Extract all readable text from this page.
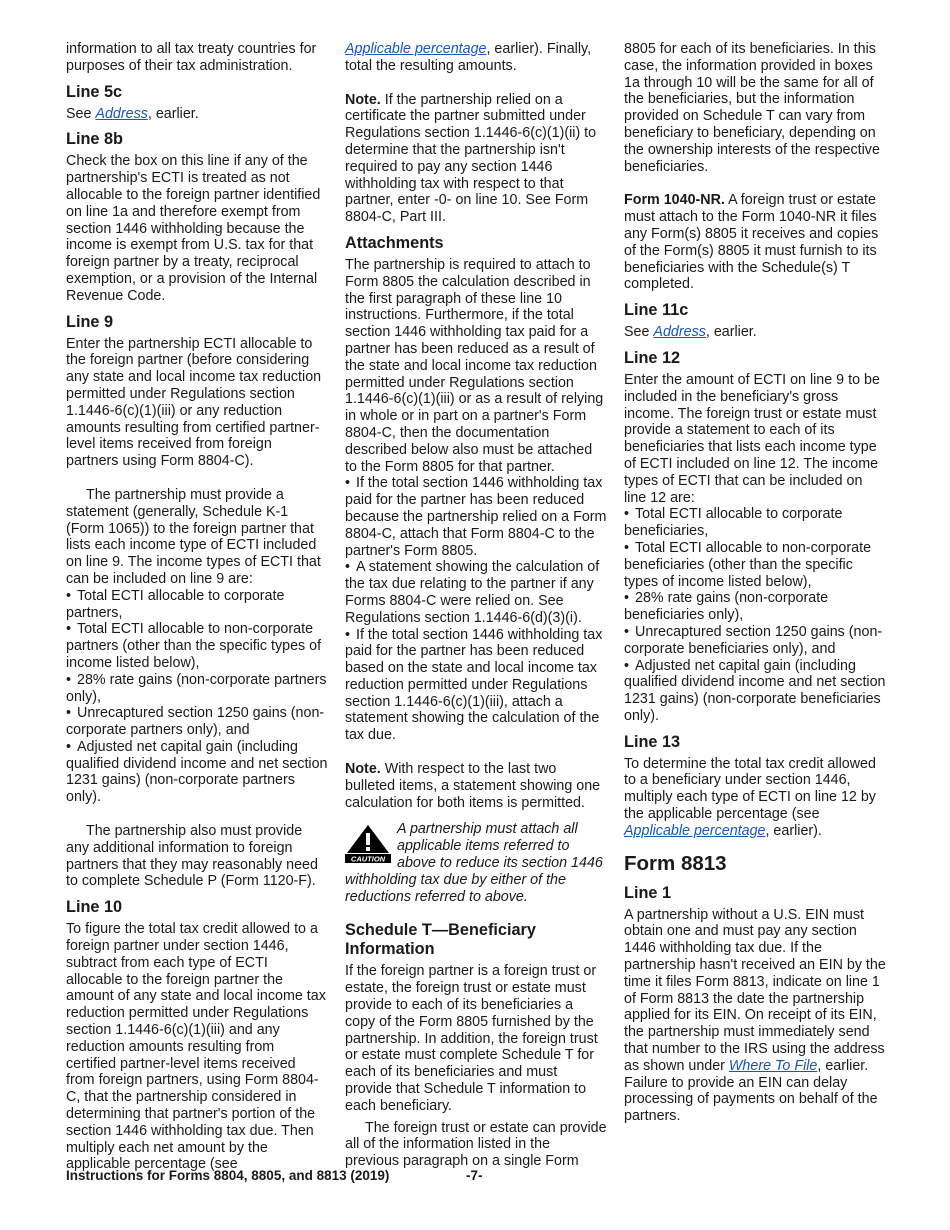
information to all tax treaty countries for purposes of their tax administration.

Line 5c

See Address, earlier.

Line 8b

Check the box on this line if any of the partnership's ECTI is treated as not allocable to the foreign partner identified on line 1a and therefore exempt from section 1446 withholding because the income is exempt from U.S. tax for that foreign partner by a treaty, reciprocal exemption, or a provision of the Internal Revenue Code.

Line 9

Enter the partnership ECTI allocable to the foreign partner (before considering any state and local income tax reduction permitted under Regulations section 1.1446-6(c)(1)(iii) or any reduction amounts resulting from certified partner-level items received from foreign partners using Form 8804-C).

The partnership must provide a statement (generally, Schedule K-1 (Form 1065)) to the foreign partner that lists each income type of ECTI included on line 9. The income types of ECTI that can be included on line 9 are:

• Total ECTI allocable to corporate partners,

• Total ECTI allocable to non-corporate partners (other than the specific types of income listed below),

• 28% rate gains (non-corporate partners only),

• Unrecaptured section 1250 gains (non-corporate partners only), and

• Adjusted net capital gain (including qualified dividend income and net section 1231 gains) (non-corporate partners only).

The partnership also must provide any additional information to foreign partners that they may reasonably need to complete Schedule P (Form 1120-F).

Line 10

To figure the total tax credit allowed to a foreign partner under section 1446, subtract from each type of ECTI allocable to the foreign partner the amount of any state and local income tax reduction permitted under Regulations section 1.1446-6(c)(1)(iii) and any reduction amounts resulting from certified partner-level items received from foreign partners, using Form 8804-C, that the partnership considered in determining that partner's portion of the section 1446 withholding tax due. Then multiply each net amount by the applicable percentage (see

Applicable percentage, earlier). Finally, total the resulting amounts.

Note. If the partnership relied on a certificate the partner submitted under Regulations section 1.1446-6(c)(1)(ii) to determine that the partnership isn't required to pay any section 1446 withholding tax with respect to that partner, enter -0- on line 10. See Form 8804-C, Part III.

Attachments

The partnership is required to attach to Form 8805 the calculation described in the first paragraph of these line 10 instructions. Furthermore, if the total section 1446 withholding tax paid for a partner has been reduced as a result of the state and local income tax reduction permitted under Regulations section 1.1446-6(c)(1)(iii) or as a result of relying in whole or in part on a partner's Form 8804-C, then the documentation described below also must be attached to the Form 8805 for that partner.

• If the total section 1446 withholding tax paid for the partner has been reduced because the partnership relied on a Form 8804-C, attach that Form 8804-C to the partner's Form 8805.

• A statement showing the calculation of the tax due relating to the partner if any Forms 8804-C were relied on. See Regulations section 1.1446-6(d)(3)(i).

• If the total section 1446 withholding tax paid for the partner has been reduced based on the state and local income tax reduction permitted under Regulations section 1.1446-6(c)(1)(iii), attach a statement showing the calculation of the tax due.

Note. With respect to the last two bulleted items, a statement showing one calculation for both items is permitted.

CAUTION
A partnership must attach all applicable items referred to above to reduce its section 1446 withholding tax due by either of the reductions referred to above.
Schedule T—Beneficiary Information

If the foreign partner is a foreign trust or estate, the foreign trust or estate must provide to each of its beneficiaries a copy of the Form 8805 furnished by the partnership. In addition, the foreign trust or estate must complete Schedule T for each of its beneficiaries and must provide that Schedule T information to each beneficiary.

The foreign trust or estate can provide all of the information listed in the previous paragraph on a single Form

8805 for each of its beneficiaries. In this case, the information provided in boxes 1a through 10 will be the same for all of the beneficiaries, but the information provided on Schedule T can vary from beneficiary to beneficiary, depending on the ownership interests of the respective beneficiaries.

Form 1040-NR. A foreign trust or estate must attach to the Form 1040-NR it files any Form(s) 8805 it receives and copies of the Form(s) 8805 it must furnish to its beneficiaries with the Schedule(s) T completed.

Line 11c

See Address, earlier.

Line 12

Enter the amount of ECTI on line 9 to be included in the beneficiary's gross income. The foreign trust or estate must provide a statement to each of its beneficiaries that lists each income type of ECTI included on line 12. The income types of ECTI that can be included on line 12 are:

• Total ECTI allocable to corporate beneficiaries,

• Total ECTI allocable to non-corporate beneficiaries (other than the specific types of income listed below),

• 28% rate gains (non-corporate beneficiaries only),

• Unrecaptured section 1250 gains (non-corporate beneficiaries only), and

• Adjusted net capital gain (including qualified dividend income and net section 1231 gains) (non-corporate beneficiaries only).

Line 13

To determine the total tax credit allowed to a beneficiary under section 1446, multiply each type of ECTI on line 12 by the applicable percentage (see Applicable percentage, earlier).

Form 8813
Line 1

A partnership without a U.S. EIN must obtain one and must pay any section 1446 withholding tax due. If the partnership hasn't received an EIN by the time it files Form 8813, indicate on line 1 of Form 8813 the date the partnership applied for its EIN. On receipt of its EIN, the partnership must immediately send that number to the IRS using the address as shown under Where To File, earlier. Failure to provide an EIN can delay processing of payments on behalf of the partners.

Instructions for Forms 8804, 8805, and 8813 (2019)	-7-
